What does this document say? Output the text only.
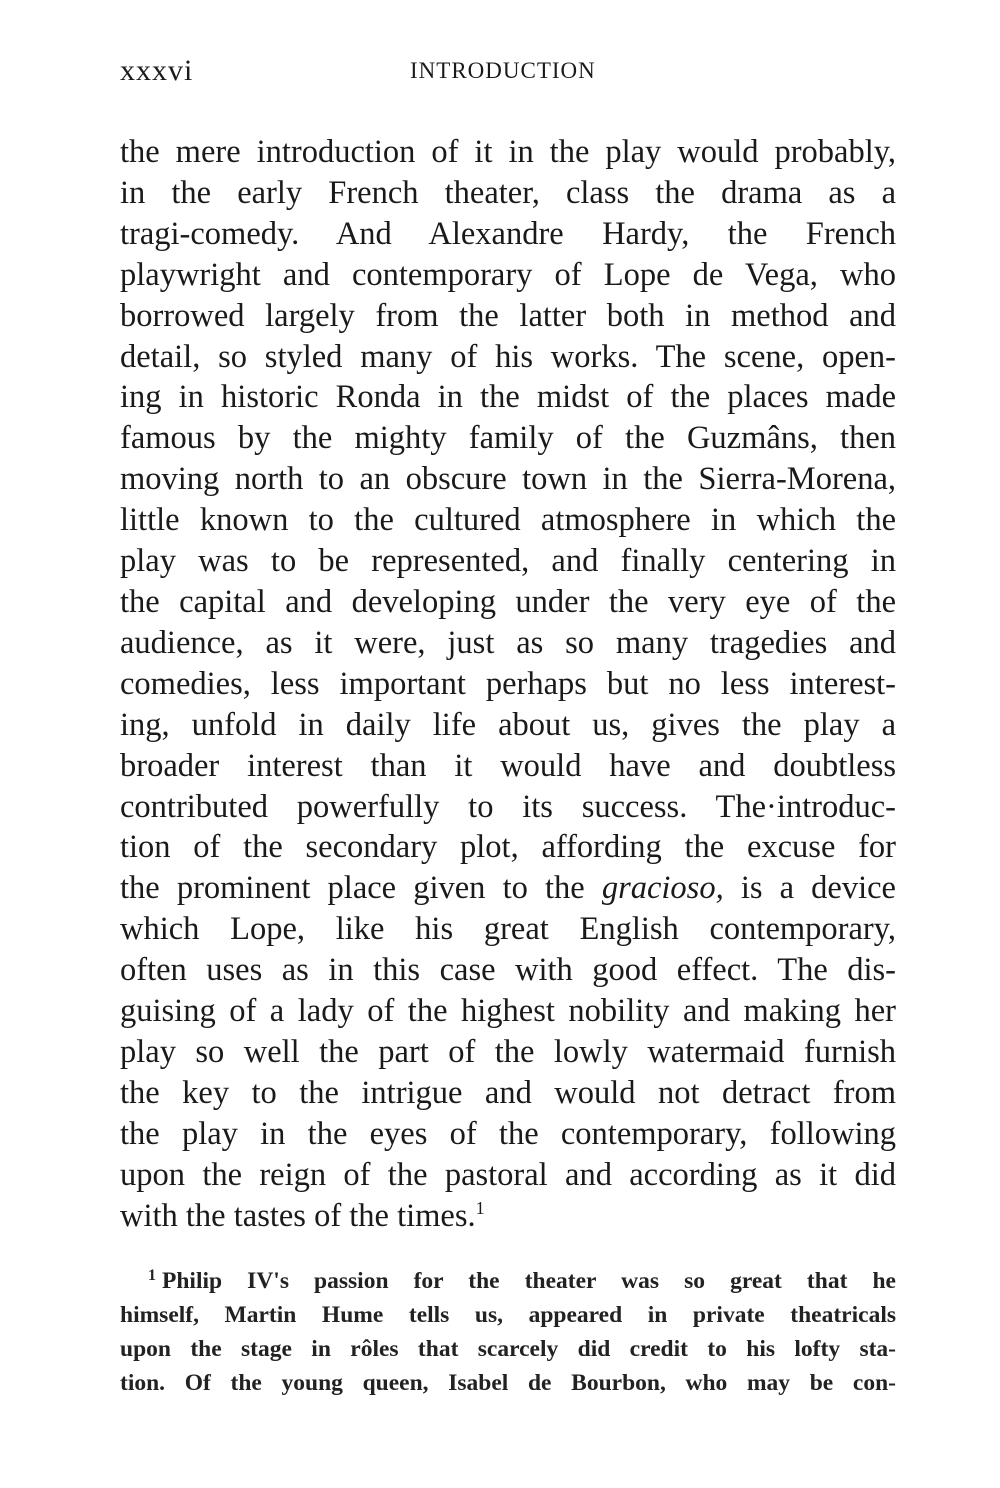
xxxvi	INTRODUCTION
the mere introduction of it in the play would probably,
in the early French theater, class the drama as a
tragi-comedy. And Alexandre Hardy, the French
playwright and contemporary of Lope de Vega, who
borrowed largely from the latter both in method and
detail, so styled many of his works. The scene, open-
ing in historic Ronda in the midst of the places made
famous by the mighty family of the Guzmâns, then
moving north to an obscure town in the Sierra-Morena,
little known to the cultured atmosphere in which the
play was to be represented, and finally centering in
the capital and developing under the very eye of the
audience, as it were, just as so many tragedies and
comedies, less important perhaps but no less interest-
ing, unfold in daily life about us, gives the play a
broader interest than it would have and doubtless
contributed powerfully to its success. The·introduc-
tion of the secondary plot, affording the excuse for
the prominent place given to the gracioso, is a device
which Lope, like his great English contemporary,
often uses as in this case with good effect. The dis-
guising of a lady of the highest nobility and making her
play so well the part of the lowly watermaid furnish
the key to the intrigue and would not detract from
the play in the eyes of the contemporary, following
upon the reign of the pastoral and according as it did
with the tastes of the times.$^1$
$^1$ Philip IV's passion for the theater was so great that he
himself, Martin Hume tells us, appeared in private theatricals
upon the stage in rôles that scarcely did credit to his lofty sta-
tion. Of the young queen, Isabel de Bourbon, who may be con-
